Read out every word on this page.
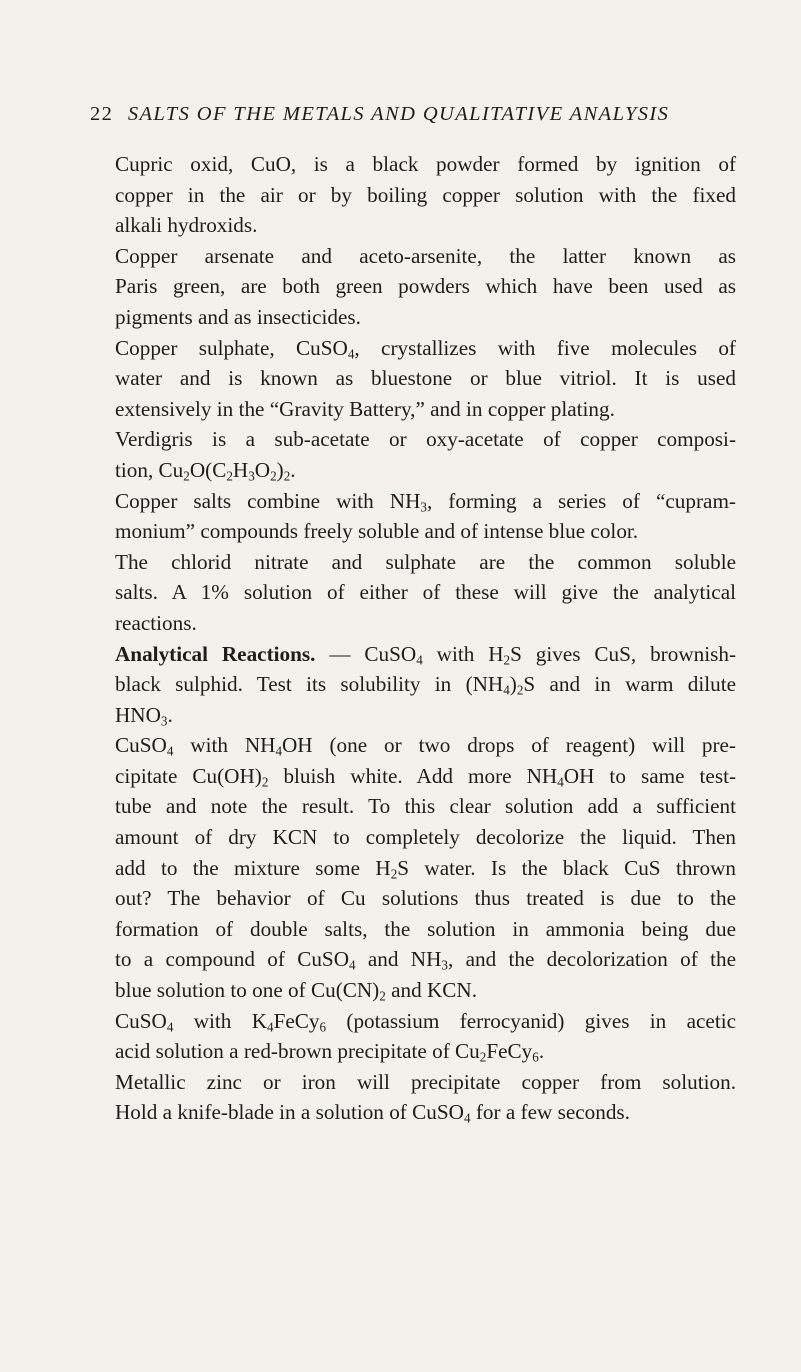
22 SALTS OF THE METALS AND QUALITATIVE ANALYSIS
Cupric oxid, CuO, is a black powder formed by ignition of
copper in the air or by boiling copper solution with the fixed
alkali hydroxids.
Copper arsenate and aceto-arsenite, the latter known as
Paris green, are both green powders which have been used as
pigments and as insecticides.
Copper sulphate, CuSO$_4$, crystallizes with five molecules of
water and is known as bluestone or blue vitriol. It is used
extensively in the “Gravity Battery,” and in copper plating.
Verdigris is a sub-acetate or oxy-acetate of copper composi-
tion, $Cu_2O(C_2H_3O_2)_2$.
Copper salts combine with $NH_3$, forming a series of “cupram-
monium” compounds freely soluble and of intense blue color.
The chlorid nitrate and sulphate are the common soluble
salts. A 1% solution of either of these will give the analytical
reactions.
Analytical Reactions. — CuSO$_4$ with $H_2S$ gives CuS, brownish-
black sulphid. Test its solubility in $(NH_4)_2S$ and in warm dilute
$HNO_3$.
CuSO$_4$ with $NH_4OH$ (one or two drops of reagent) will pre-
cipitate $Cu(OH)_2$ bluish white. Add more $NH_4OH$ to same test-
tube and note the result. To this clear solution add a sufficient
amount of dry KCN to completely decolorize the liquid. Then
add to the mixture some $H_2S$ water. Is the black CuS thrown
out? The behavior of Cu solutions thus treated is due to the
formation of double salts, the solution in ammonia being due
to a compound of CuSO$_4$ and $NH_3$, and the decolorization of the
blue solution to one of $Cu(CN)_2$ and KCN.
CuSO$_4$ with $K_4FeCy_6$ (potassium ferrocyanid) gives in acetic
acid solution a red-brown precipitate of $Cu_2FeCy_6$.
Metallic zinc or iron will precipitate copper from solution.
Hold a knife-blade in a solution of CuSO$_4$ for a few seconds.
